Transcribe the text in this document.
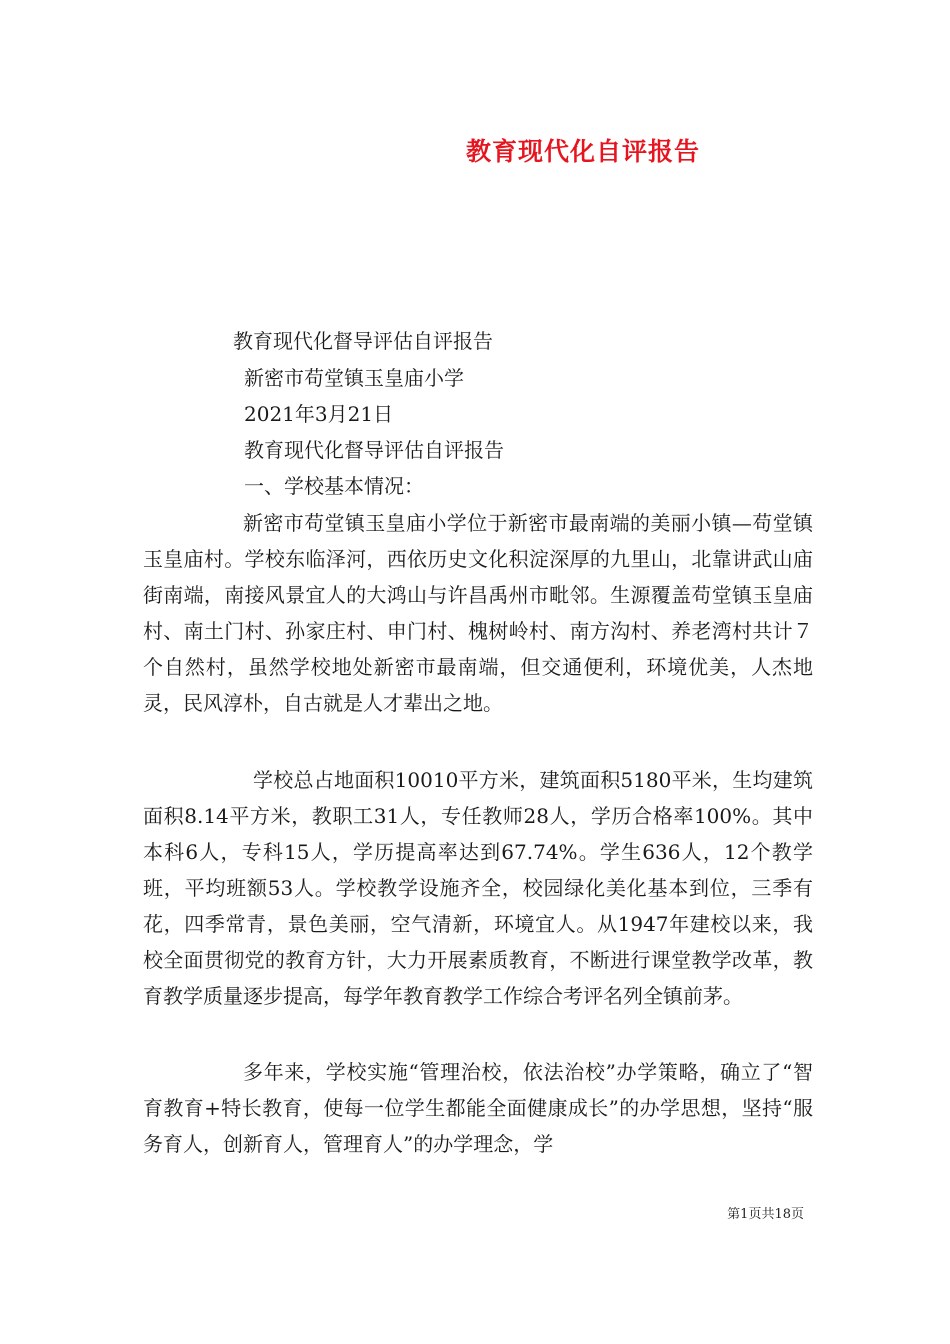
教育现代化自评报告

教育现代化督导评估自评报告

新密市苟堂镇玉皇庙小学

2021年3月21日

教育现代化督导评估自评报告

一、学校基本情况：

新密市苟堂镇玉皇庙小学位于新密市最南端的美丽小镇—苟堂镇玉皇庙村。学校东临泽河，西依历史文化积淀深厚的九里山，北靠讲武山庙街南端，南接风景宜人的大鸿山与许昌禹州市毗邻。生源覆盖苟堂镇玉皇庙村、南土门村、孙家庄村、申门村、槐树岭村、南方沟村、养老湾村共计７个自然村，虽然学校地处新密市最南端，但交通便利，环境优美，人杰地灵，民风淳朴，自古就是人才辈出之地。

学校总占地面积10010平方米，建筑面积5180平米，生均建筑面积8.14平方米，教职工31人，专任教师28人，学历合格率100%。其中本科6人，专科15人，学历提高率达到67.74%。学生636人，12个教学班，平均班额53人。学校教学设施齐全，校园绿化美化基本到位，三季有花，四季常青，景色美丽，空气清新，环境宜人。从1947年建校以来，我校全面贯彻党的教育方针，大力开展素质教育，不断进行课堂教学改革，教育教学质量逐步提高，每学年教育教学工作综合考评名列全镇前茅。

多年来，学校实施“管理治校，依法治校”办学策略，确立了“智育教育+特长教育，使每一位学生都能全面健康成长”的办学思想，坚持“服务育人，创新育人，管理育人”的办学理念，学

第1页共18页
